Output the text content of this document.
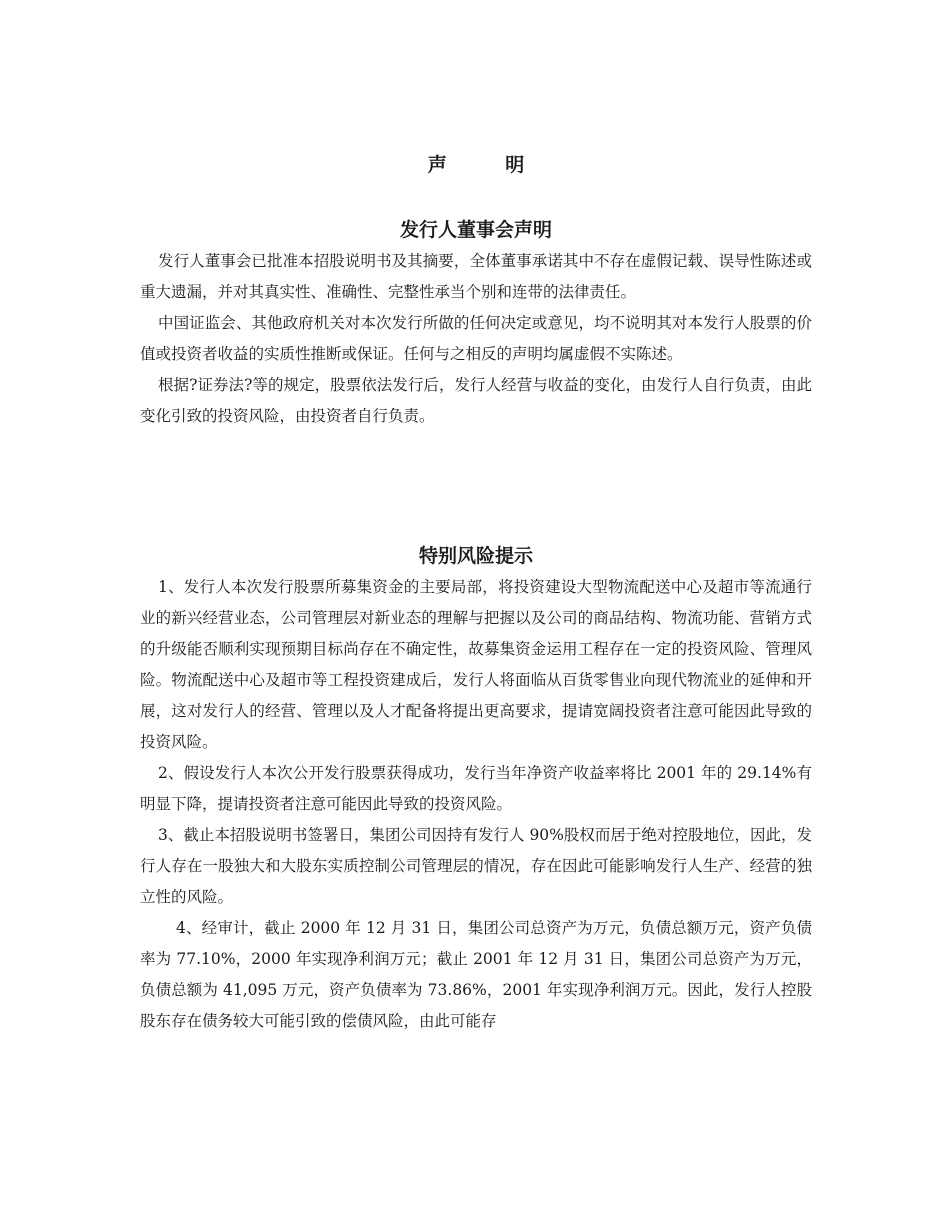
声 明
发行人董事会声明

发行人董事会已批准本招股说明书及其摘要，全体董事承诺其中不存在虚假记载、误导性陈述或重大遗漏，并对其真实性、准确性、完整性承当个别和连带的法律责任。

中国证监会、其他政府机关对本次发行所做的任何决定或意见，均不说明其对本发行人股票的价值或投资者收益的实质性推断或保证。任何与之相反的声明均属虚假不实陈述。

根据?证券法?等的规定，股票依法发行后，发行人经营与收益的变化，由发行人自行负责，由此变化引致的投资风险，由投资者自行负责。

特别风险提示

1、发行人本次发行股票所募集资金的主要局部，将投资建设大型物流配送中心及超市等流通行业的新兴经营业态，公司管理层对新业态的理解与把握以及公司的商品结构、物流功能、营销方式的升级能否顺利实现预期目标尚存在不确定性，故募集资金运用工程存在一定的投资风险、管理风险。物流配送中心及超市等工程投资建成后，发行人将面临从百货零售业向现代物流业的延伸和开展，这对发行人的经营、管理以及人才配备将提出更高要求，提请宽阔投资者注意可能因此导致的投资风险。

2、假设发行人本次公开发行股票获得成功，发行当年净资产收益率将比 2001 年的 29.14%有明显下降，提请投资者注意可能因此导致的投资风险。

3、截止本招股说明书签署日，集团公司因持有发行人 90%股权而居于绝对控股地位，因此，发行人存在一股独大和大股东实质控制公司管理层的情况，存在因此可能影响发行人生产、经营的独立性的风险。

4、经审计，截止 2000 年 12 月 31 日，集团公司总资产为万元，负债总额万元，资产负债率为 77.10%，2000 年实现净利润万元；截止 2001 年 12 月 31 日，集团公司总资产为万元，负债总额为 41,095 万元，资产负债率为 73.86%，2001 年实现净利润万元。因此，发行人控股股东存在债务较大可能引致的偿债风险，由此可能存
